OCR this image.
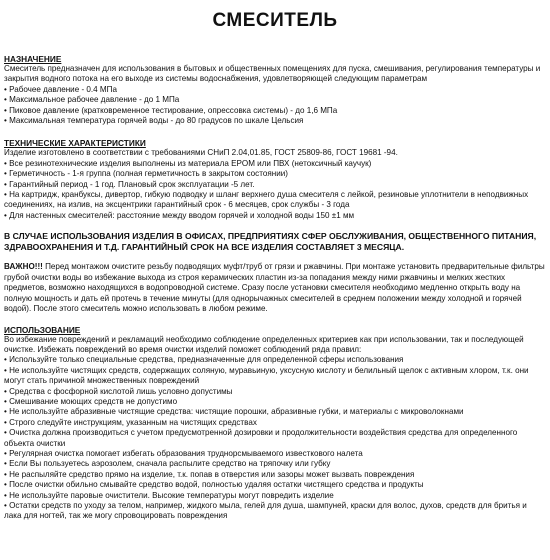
СМЕСИТЕЛЬ
НАЗНАЧЕНИЕ
Смеситель предназначен для использования в бытовых и общественных помещениях для пуска, смешивания, регулирования температуры и закрытия водного потока на его выходе из системы водоснабжения, удовлетворяющей следующим параметрам
• Рабочее давление - 0.4 МПа
• Максимальное рабочее давление - до 1 МПа
• Пиковое давление (кратковременное тестирование, опрессовка системы) - до 1,6 МПа
• Максимальная температура горячей воды - до 80 градусов по шкале Цельсия
ТЕХНИЧЕСКИЕ ХАРАКТЕРИСТИКИ
Изделие изготовлено в соответствии с требованиями СНиП 2.04,01.85, ГОСТ 25809-86, ГОСТ 19681 -94.
• Все резинотехнические изделия выполнены из материала EPOM или ПВХ (нетоксичный каучук)
• Герметичность - 1-я группа (полная герметичность в закрытом состоянии)
• Гарантийный период - 1 год. Плановый срок эксплуатации -5 лет.
• На картридж, кранбуксы, дивертор, гибкую подводку и шланг верхнего душа смесителя с лейкой, резиновые уплотнители в неподвижных соединениях, на излив, на эксцентрики гарантийный срок - 6 месяцев, срок службы - 3 года
• Для настенных смесителей: расстояние между вводом горячей и холодной воды 150 ±1 мм
В СЛУЧАЕ ИСПОЛЬЗОВАНИЯ ИЗДЕЛИЯ В ОФИСАХ, ПРЕДПРИЯТИЯХ СФЕР ОБСЛУЖИВАНИЯ, ОБЩЕСТВЕННОГО ПИТАНИЯ, ЗДРАВООХРАНЕНИЯ И Т.Д. ГАРАНТИЙНЫЙ СРОК НА ВСЕ ИЗДЕЛИЯ СОСТАВЛЯЕТ 3 МЕСЯЦА.
ВАЖНО!!! Перед монтажом очистите резьбу подводящих муфт/труб от грязи и ржавчины. При монтаже установить предварительные фильтры грубой очистки воды во избежание выхода из строя керамических пластин из-за попадания между ними ржавчины и мелких жестких предметов, возможно находящихся в водопроводной системе. Сразу после установки смесителя необходимо медленно открыть воду на полную мощность и дать ей протечь в течение минуты (для однорычажных смесителей в среднем положении между холодной и горячей водой). После этого смеситель можно использовать в любом режиме.
ИСПОЛЬЗОВАНИЕ
Во избежание повреждений и рекламаций необходимо соблюдение определенных критериев как при использовании, так и последующей очистке. Избежать повреждений во время очистки изделий поможет соблюдений ряда правил:
• Используйте только специальные средства, предназначенные для определенной сферы использования
• Не используйте чистящих средств, содержащих соляную, муравьиную, уксусную кислоту и белильный щелок с активным хлором, т.к. они могут стать причиной множественных повреждений
• Средства с фосфорной кислотой лишь условно допустимы
• Смешивание моющих средств не допустимо
• Не используйте абразивные чистящие средства: чистящие порошки, абразивные губки, и материалы с микроволокнами
• Строго следуйте инструкциям, указанным на чистящих средствах
• Очистка должна производиться с учетом предусмотренной дозировки и продолжительности воздействия средства для определенного объекта очистки
• Регулярная очистка помогает избегать образования труднорсмываемого известкового налета
• Если Вы пользуетесь аэрозолем, сначала распылите средство на тряпочку или губку
• Не распыляйте средство прямо на изделие, т.к. попав в отверстия или зазоры может вызвать повреждения
• После очистки обильно смывайте средство водой, полностью удаляя остатки чистящего средства и продукты
• Не используйте паровые очистители. Высокие температуры могут повредить изделие
• Остатки средств по уходу за телом, например, жидкого мыла, гелей для душа, шампуней, краски для волос, духов, средств для бритья и лака для ногтей, так же могу спровоцировать повреждения
